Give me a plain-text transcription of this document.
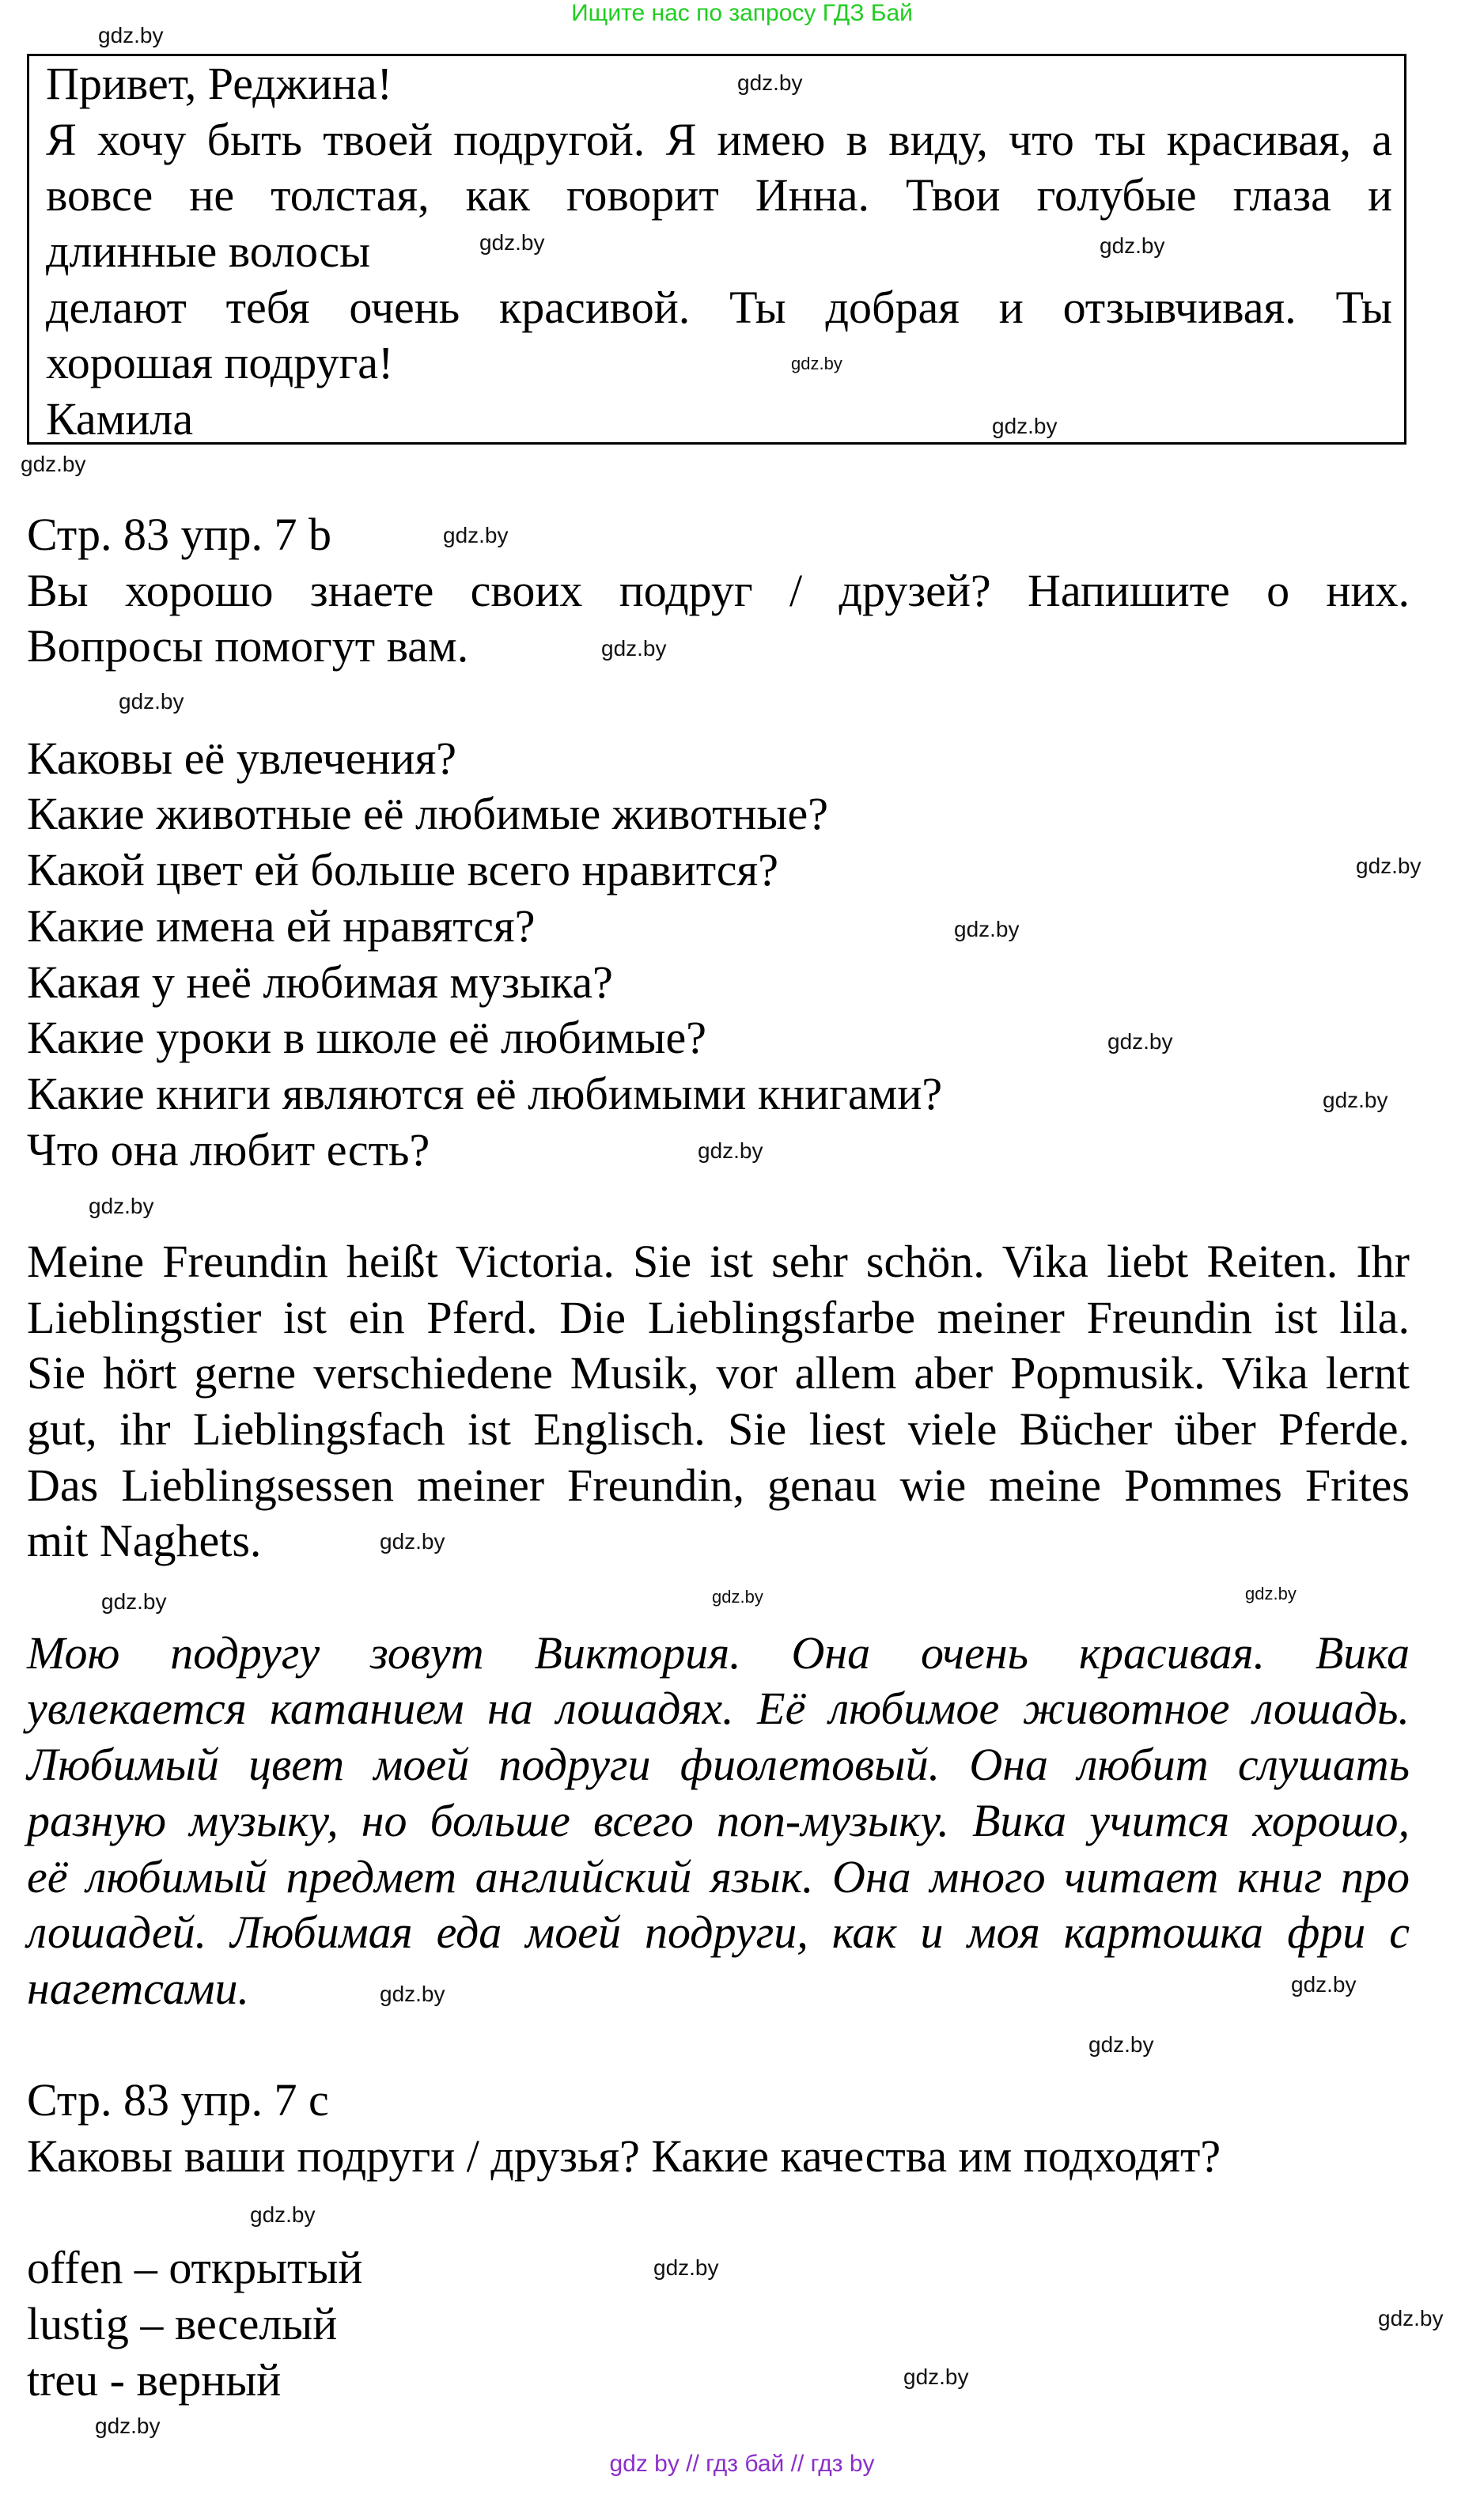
Ищите нас по запросу ГДЗ Бай
Привет, Реджина!
Я хочу быть твоей подругой. Я имею в виду, что ты красивая, а
вовсе не толстая, как говорит Инна. Твои голубые глаза и
длинные волосы
делают тебя очень красивой. Ты добрая и отзывчивая. Ты
хорошая подруга!
Камила
Стр. 83 упр. 7 b
Вы хорошо знаете своих подруг / друзей? Напишите о них.
Вопросы помогут вам.
Каковы её увлечения?
Какие животные её любимые животные?
Какой цвет ей больше всего нравится?
Какие имена ей нравятся?
Какая у неё любимая музыка?
Какие уроки в школе её любимые?
Какие книги являются её любимыми книгами?
Что она любит есть?
Meine Freundin heißt Victoria. Sie ist sehr schön. Vika liebt Reiten. Ihr
Lieblingstier ist ein Pferd. Die Lieblingsfarbe meiner Freundin ist lila.
Sie hört gerne verschiedene Musik, vor allem aber Popmusik. Vika lernt
gut, ihr Lieblingsfach ist Englisch. Sie liest viele Bücher über Pferde.
Das Lieblingsessen meiner Freundin, genau wie meine Pommes Frites
mit Naghets.
Мою подругу зовут Виктория. Она очень красивая. Вика
увлекается катанием на лошадях. Её любимое животное лошадь.
Любимый цвет моей подруги фиолетовый. Она любит слушать
разную музыку, но больше всего поп-музыку. Вика учится хорошо,
её любимый предмет английский язык. Она много читает книг про
лошадей. Любимая еда моей подруги, как и моя картошка фри с
нагетсами.
Стр. 83 упр. 7 c
Каковы ваши подруги / друзья? Какие качества им подходят?
offen – открытый
lustig – веселый
treu - верный
gdz.by
gdz.by
gdz.by
gdz.by	gdz.by
gdz.by
gdz.by
gdz.by
gdz.by
gdz.by
gdz.by
gdz.by
gdz.by
gdz.by
gdz.by
gdz.by
gdz.by
gdz.by
gdz.by
gdz.by
gdz.by
gdz.by
gdz.by
gdz.by
gdz.by
gdz.by
gdz.by
gdz.by
gdz by // гдз бай // гдз by
